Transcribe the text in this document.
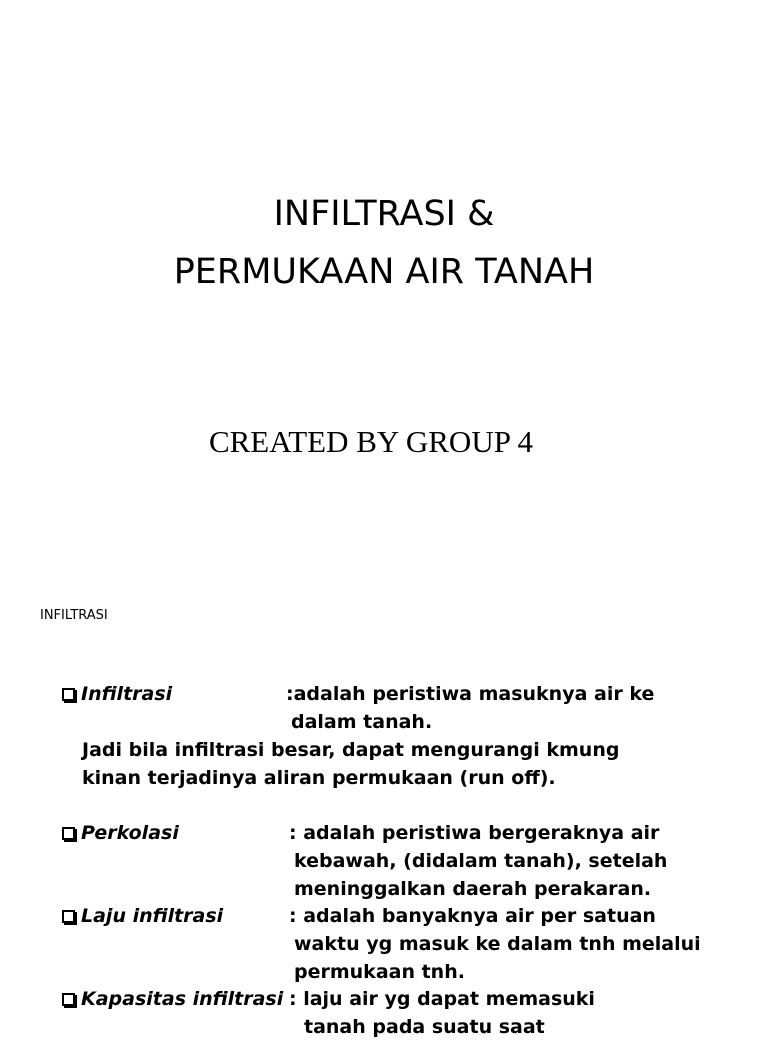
INFILTRASI &
PERMUKAAN AIR TANAH
CREATED BY GROUP 4
INFILTRASI
Infiltrasi	:adalah peristiwa masuknya air ke
dalam tanah.
Jadi bila infiltrasi besar, dapat mengurangi kmung
kinan terjadinya aliran permukaan (run off).
Perkolasi	: adalah peristiwa bergeraknya air
kebawah, (didalam tanah), setelah
meninggalkan daerah perakaran.
Laju infiltrasi	: adalah banyaknya air per satuan
waktu yg masuk ke dalam tnh melalui
permukaan tnh.
Kapasitas infiltrasi : laju air yg dapat memasuki
tanah pada suatu saat
